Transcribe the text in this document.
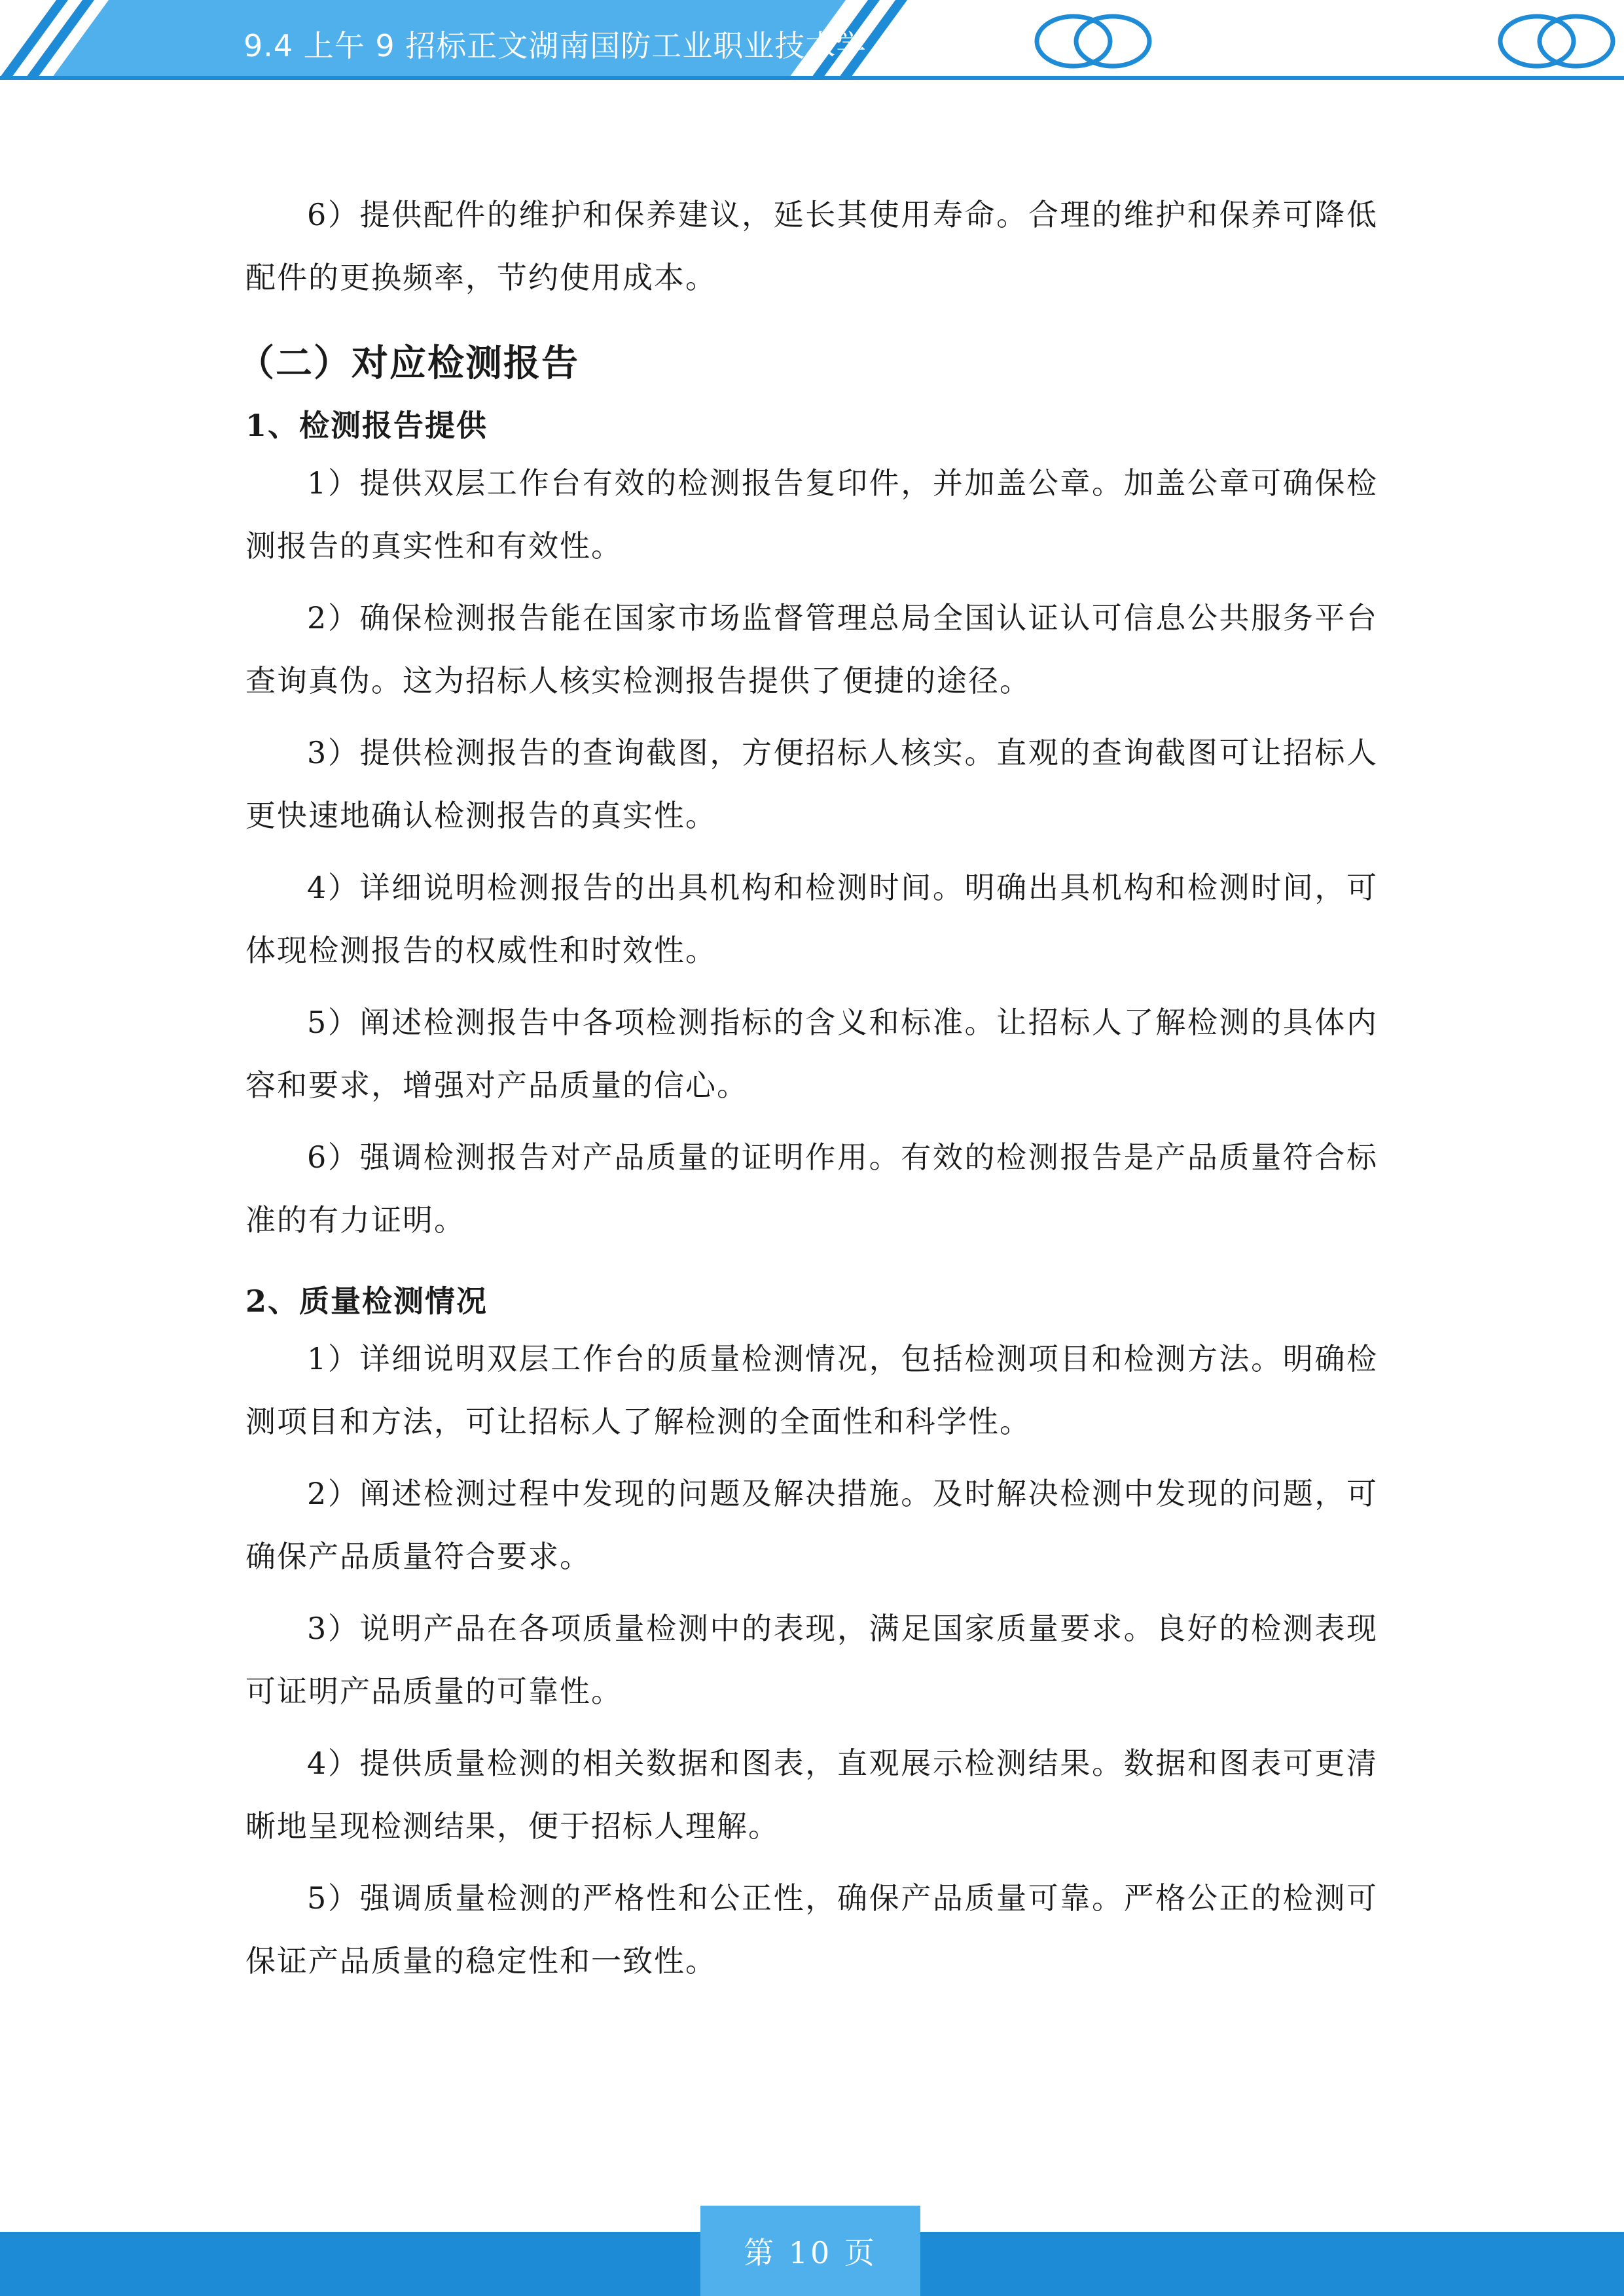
9.4 上午 9 招标正文湖南国防工业职业技术学

6）提供配件的维护和保养建议，延长其使用寿命。合理的维护和保养可降低配件的更换频率，节约使用成本。

（二）对应检测报告
1、检测报告提供

1）提供双层工作台有效的检测报告复印件，并加盖公章。加盖公章可确保检测报告的真实性和有效性。

2）确保检测报告能在国家市场监督管理总局全国认证认可信息公共服务平台查询真伪。这为招标人核实检测报告提供了便捷的途径。

3）提供检测报告的查询截图，方便招标人核实。直观的查询截图可让招标人更快速地确认检测报告的真实性。

4）详细说明检测报告的出具机构和检测时间。明确出具机构和检测时间，可体现检测报告的权威性和时效性。

5）阐述检测报告中各项检测指标的含义和标准。让招标人了解检测的具体内容和要求，增强对产品质量的信心。

6）强调检测报告对产品质量的证明作用。有效的检测报告是产品质量符合标准的有力证明。

2、质量检测情况

1）详细说明双层工作台的质量检测情况，包括检测项目和检测方法。明确检测项目和方法，可让招标人了解检测的全面性和科学性。

2）阐述检测过程中发现的问题及解决措施。及时解决检测中发现的问题，可确保产品质量符合要求。

3）说明产品在各项质量检测中的表现，满足国家质量要求。良好的检测表现可证明产品质量的可靠性。

4）提供质量检测的相关数据和图表，直观展示检测结果。数据和图表可更清晰地呈现检测结果，便于招标人理解。

5）强调质量检测的严格性和公正性，确保产品质量可靠。严格公正的检测可保证产品质量的稳定性和一致性。

第 10 页
